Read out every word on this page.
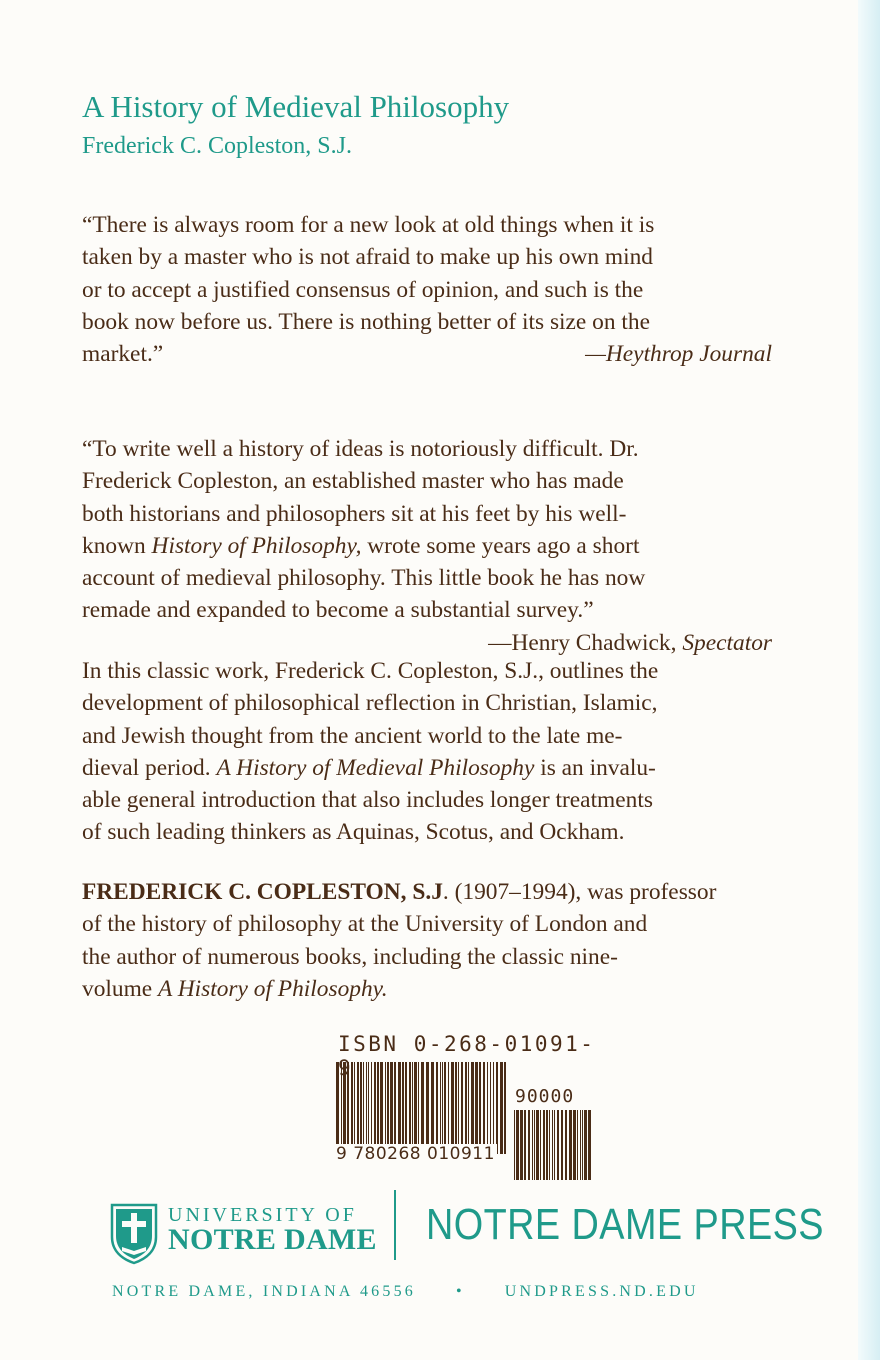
A History of Medieval Philosophy
Frederick C. Copleston, S.J.
“There is always room for a new look at old things when it is
taken by a master who is not afraid to make up his own mind
or to accept a justified consensus of opinion, and such is the
book now before us. There is nothing better of its size on the
market.”	—Heythrop Journal
“To write well a history of ideas is notoriously difficult. Dr.
Frederick Copleston, an established master who has made
both historians and philosophers sit at his feet by his well-
known History of Philosophy, wrote some years ago a short
account of medieval philosophy. This little book he has now
remade and expanded to become a substantial survey.”
—Henry Chadwick, Spectator
In this classic work, Frederick C. Copleston, S.J., outlines the
development of philosophical reflection in Christian, Islamic,
and Jewish thought from the ancient world to the late me-
dieval period. A History of Medieval Philosophy is an invalu-
able general introduction that also includes longer treatments
of such leading thinkers as Aquinas, Scotus, and Ockham.
FREDERICK C. COPLESTON, S.J. (1907–1994), was professor
of the history of philosophy at the University of London and
the author of numerous books, including the classic nine-
volume A History of Philosophy.
ISBN 0-268-01091-
90000
9 780268 010911
UNIVERSITY OF
NOTRE DAME NOTRE DAME PRESS
NOTRE DAME, INDIANA 46556	•	UNDPRESS.ND.EDU
